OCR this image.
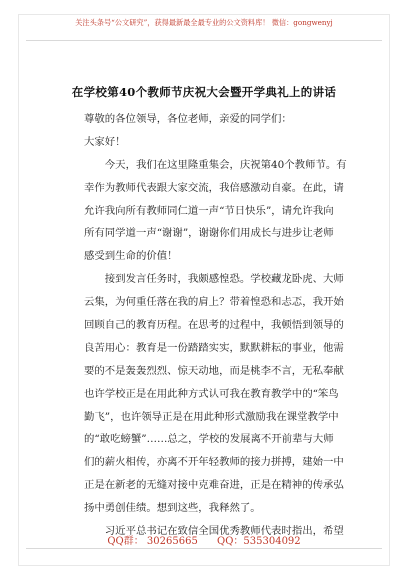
关注头条号“公文研究”，获得最新最全最专业的公文资料库！ 微信：gongwenyj
在学校第40个教师节庆祝大会暨开学典礼上的讲话
尊敬的各位领导，各位老师，亲爱的同学们：
大家好！
今天，我们在这里隆重集会，庆祝第40个教师节。有
幸作为教师代表跟大家交流，我倍感激动自豪。在此，请
允许我向所有教师同仁道一声“节日快乐”，请允许我向
所有同学道一声“谢谢”，谢谢你们用成长与进步让老师
感受到生命的价值！
接到发言任务时，我颇感惶恐。学校藏龙卧虎、大师
云集，为何重任落在我的肩上？带着惶恐和忐忑，我开始
回顾自己的教育历程。在思考的过程中，我顿悟到领导的
良苦用心：教育是一份踏踏实实，默默耕耘的事业，他需
要的不是轰轰烈烈、惊天动地，而是桃李不言，无私奉献
也许学校正是在用此种方式认可我在教育教学中的“笨鸟
勤飞”，也许领导正是在用此种形式激励我在课堂教学中
的“敢吃螃蟹”……总之，学校的发展离不开前辈与大师
们的薪火相传，亦离不开年轻教师的接力拼搏，建始一中
正是在新老的无缝对接中克难奋进，正是在精神的传承弘
扬中勇创佳绩。想到这些，我释然了。
习近平总书记在致信全国优秀教师代表时指出，希望
QQ群： 30265665 QQ：535304092
